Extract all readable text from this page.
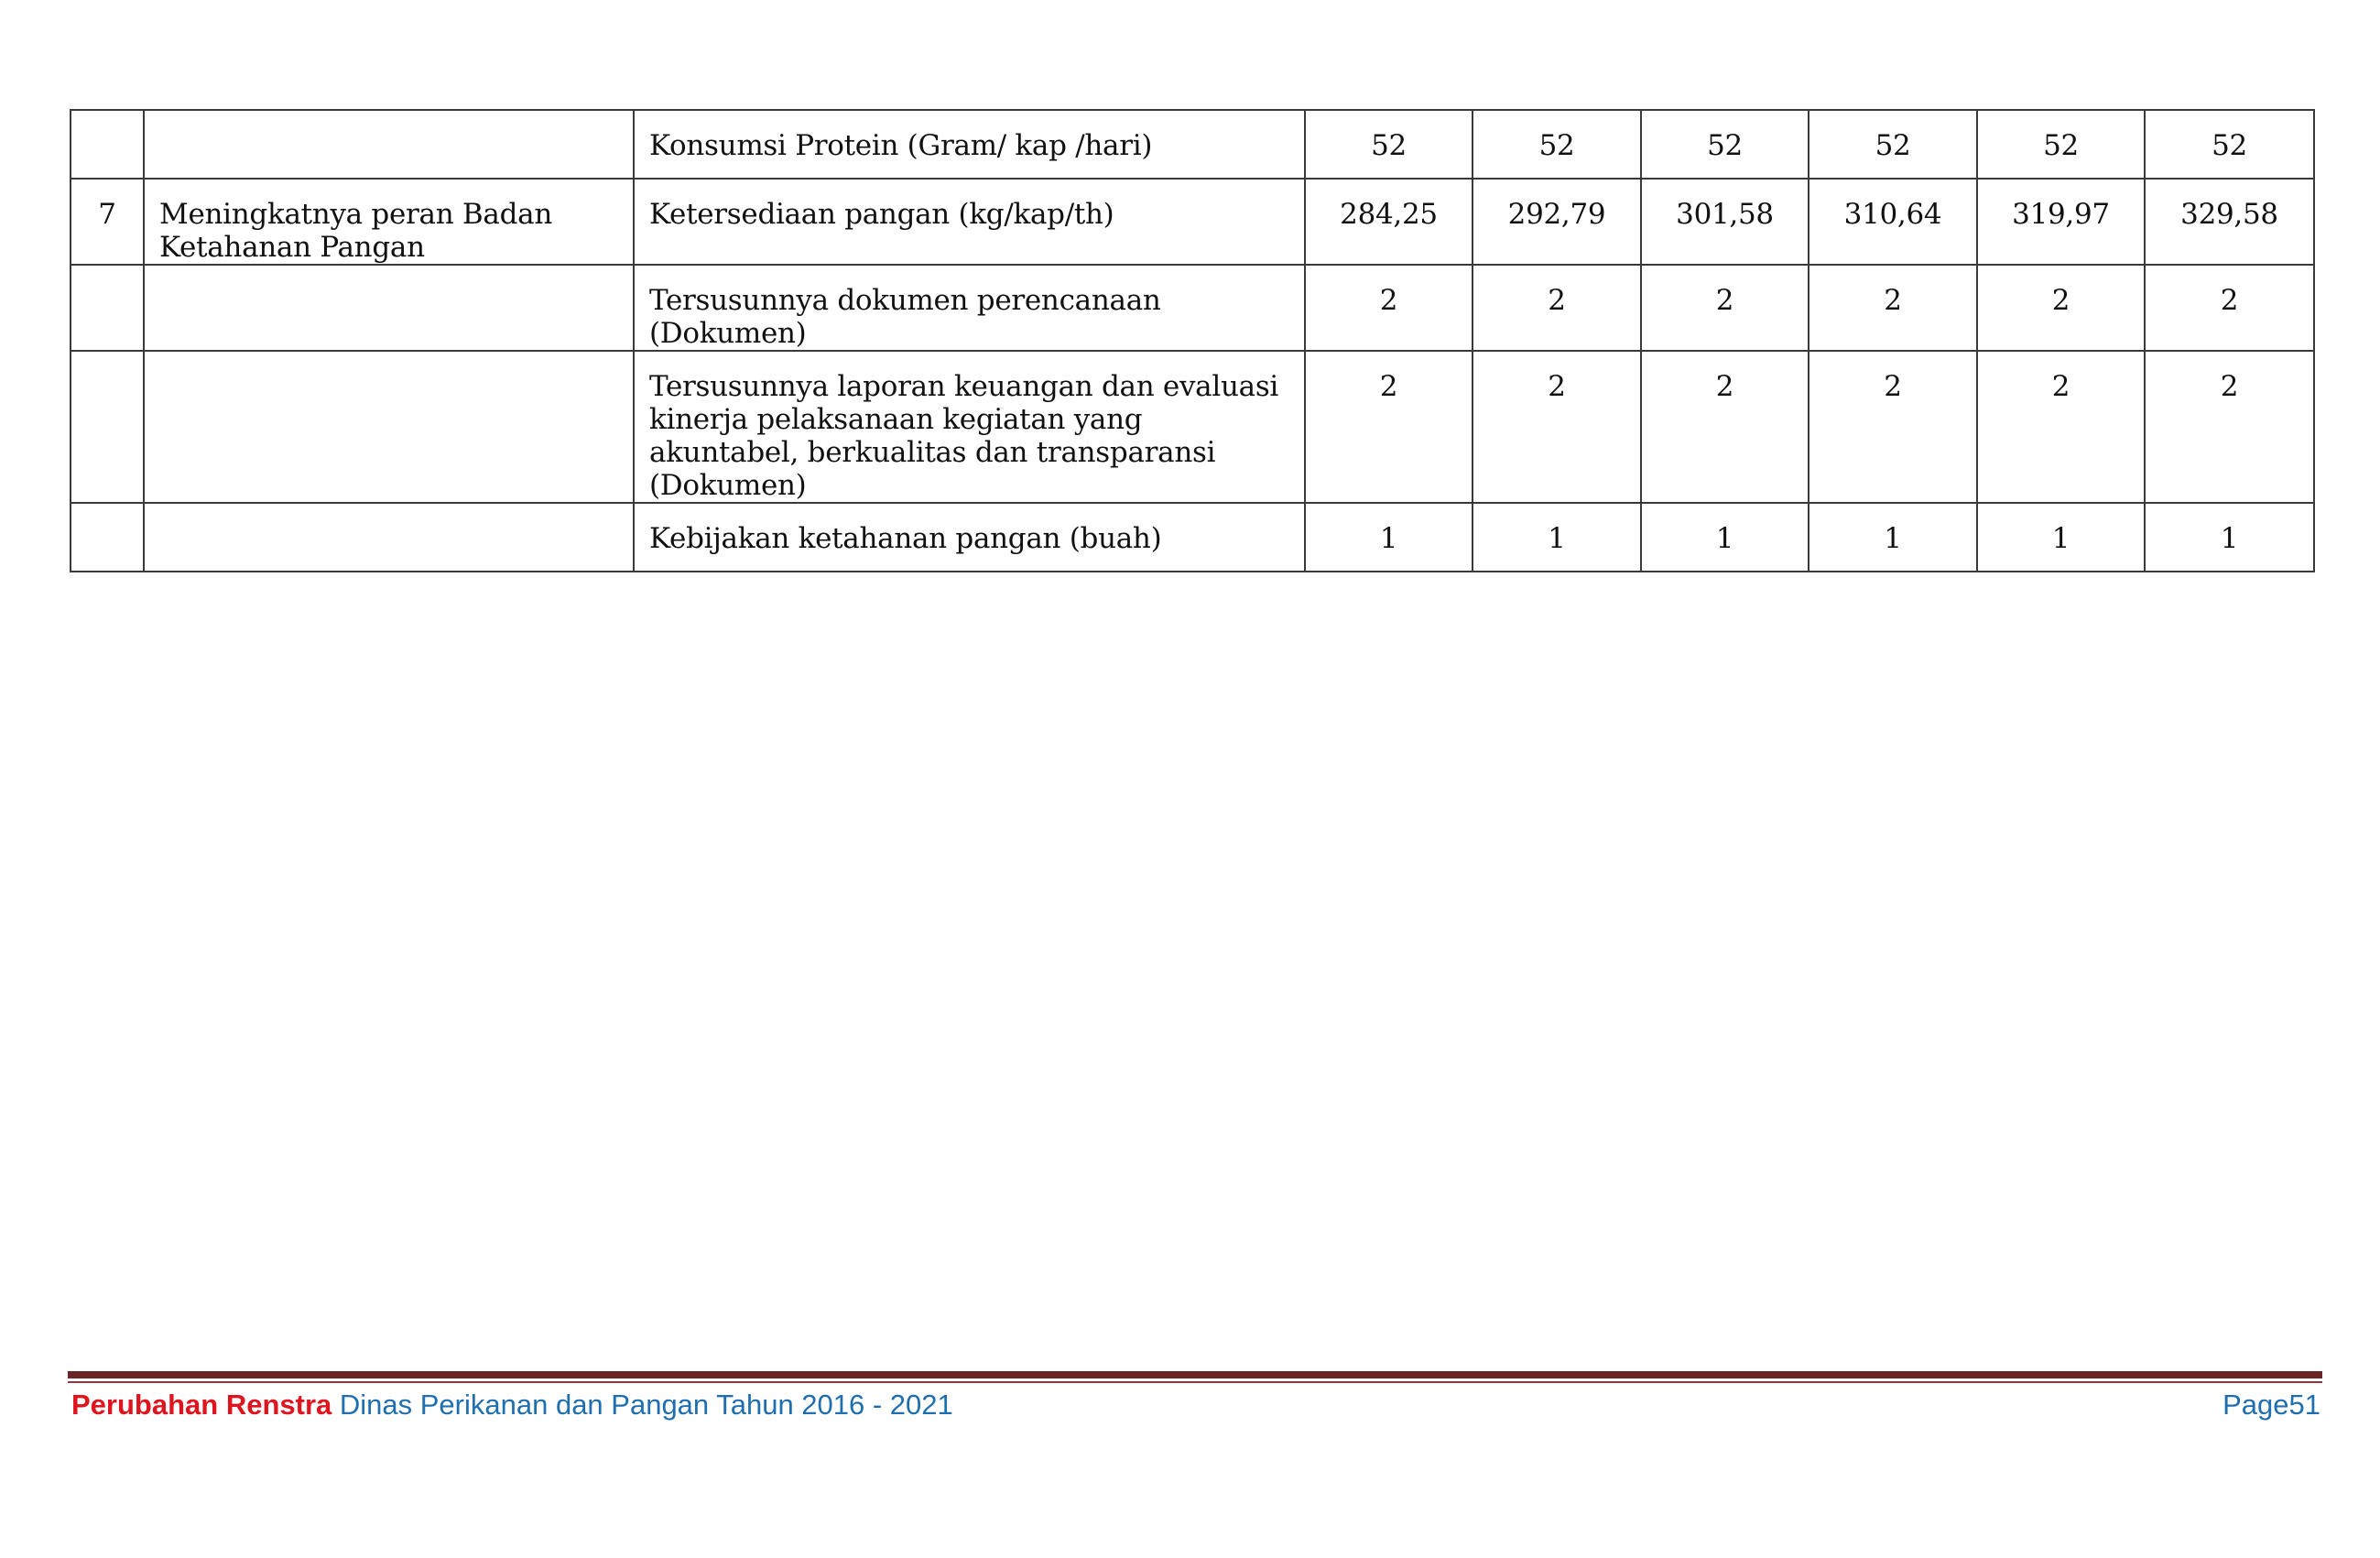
		Konsumsi Protein (Gram/ kap /hari)	52	52	52	52	52	52
7	Meningkatnya peran Badan Ketahanan Pangan	Ketersediaan pangan (kg/kap/th)	284,25	292,79	301,58	310,64	319,97	329,58
		Tersusunnya dokumen perencanaan (Dokumen)	2	2	2	2	2	2
		Tersusunnya laporan keuangan dan evaluasi kinerja pelaksanaan kegiatan yang akuntabel, berkualitas dan transparansi (Dokumen)	2	2	2	2	2	2
		Kebijakan ketahanan pangan (buah)	1	1	1	1	1	1
Perubahan Renstra Dinas Perikanan dan Pangan Tahun 2016 - 2021	Page51
